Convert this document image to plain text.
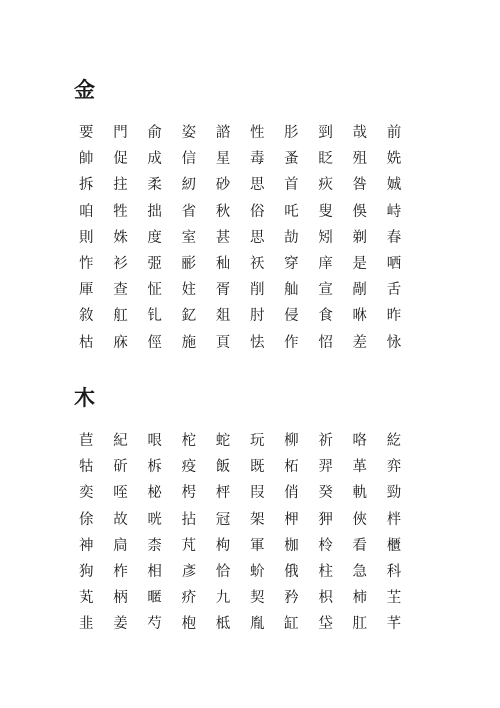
金
要	門	俞	姿	諮	性	肜	剄	哉	前
帥	促	成	信	星	毒	蚤	眨	殂	姺
拆	拄	柔	紉	砂	思	首	疢	咎	娍
咱	牲	拙	省	秋	俗	吒	叟	俁	峙
則	姝	度	室	甚	思	劼	矧	剃	春
怍	衫	弫	彨	秈	祆	穿	庠	是	哂
厙	查	怔	妵	胥	削	舢	宣	剮	舌
敘	舡	钆	釔	爼	肘	侵	食	咻	昨
枯	庥	俓	施	頁	怯	作	怊	差	怺
木
苣	紀	哏	柁	蛇	玩	柳	祈	咯	紇
牯	斫	柝	疫	飯	既	柘	羿	革	弈
奕	咥	柲	枵	枰	叚	俏	癸	軌	勁
俆	故	咣	拈	冠	架	柙	狎	俠	柈
神	扃	柰	芃	枸	軍	枷	柃	看	櫃
狗	柞	相	彥	恰	蚧	俄	柱	急	科
芄	柄	暱	疥	九	契	矜	枳	柿	芏
韭	姜	芍	枹	柢	胤	缸	垈	肛	芊
